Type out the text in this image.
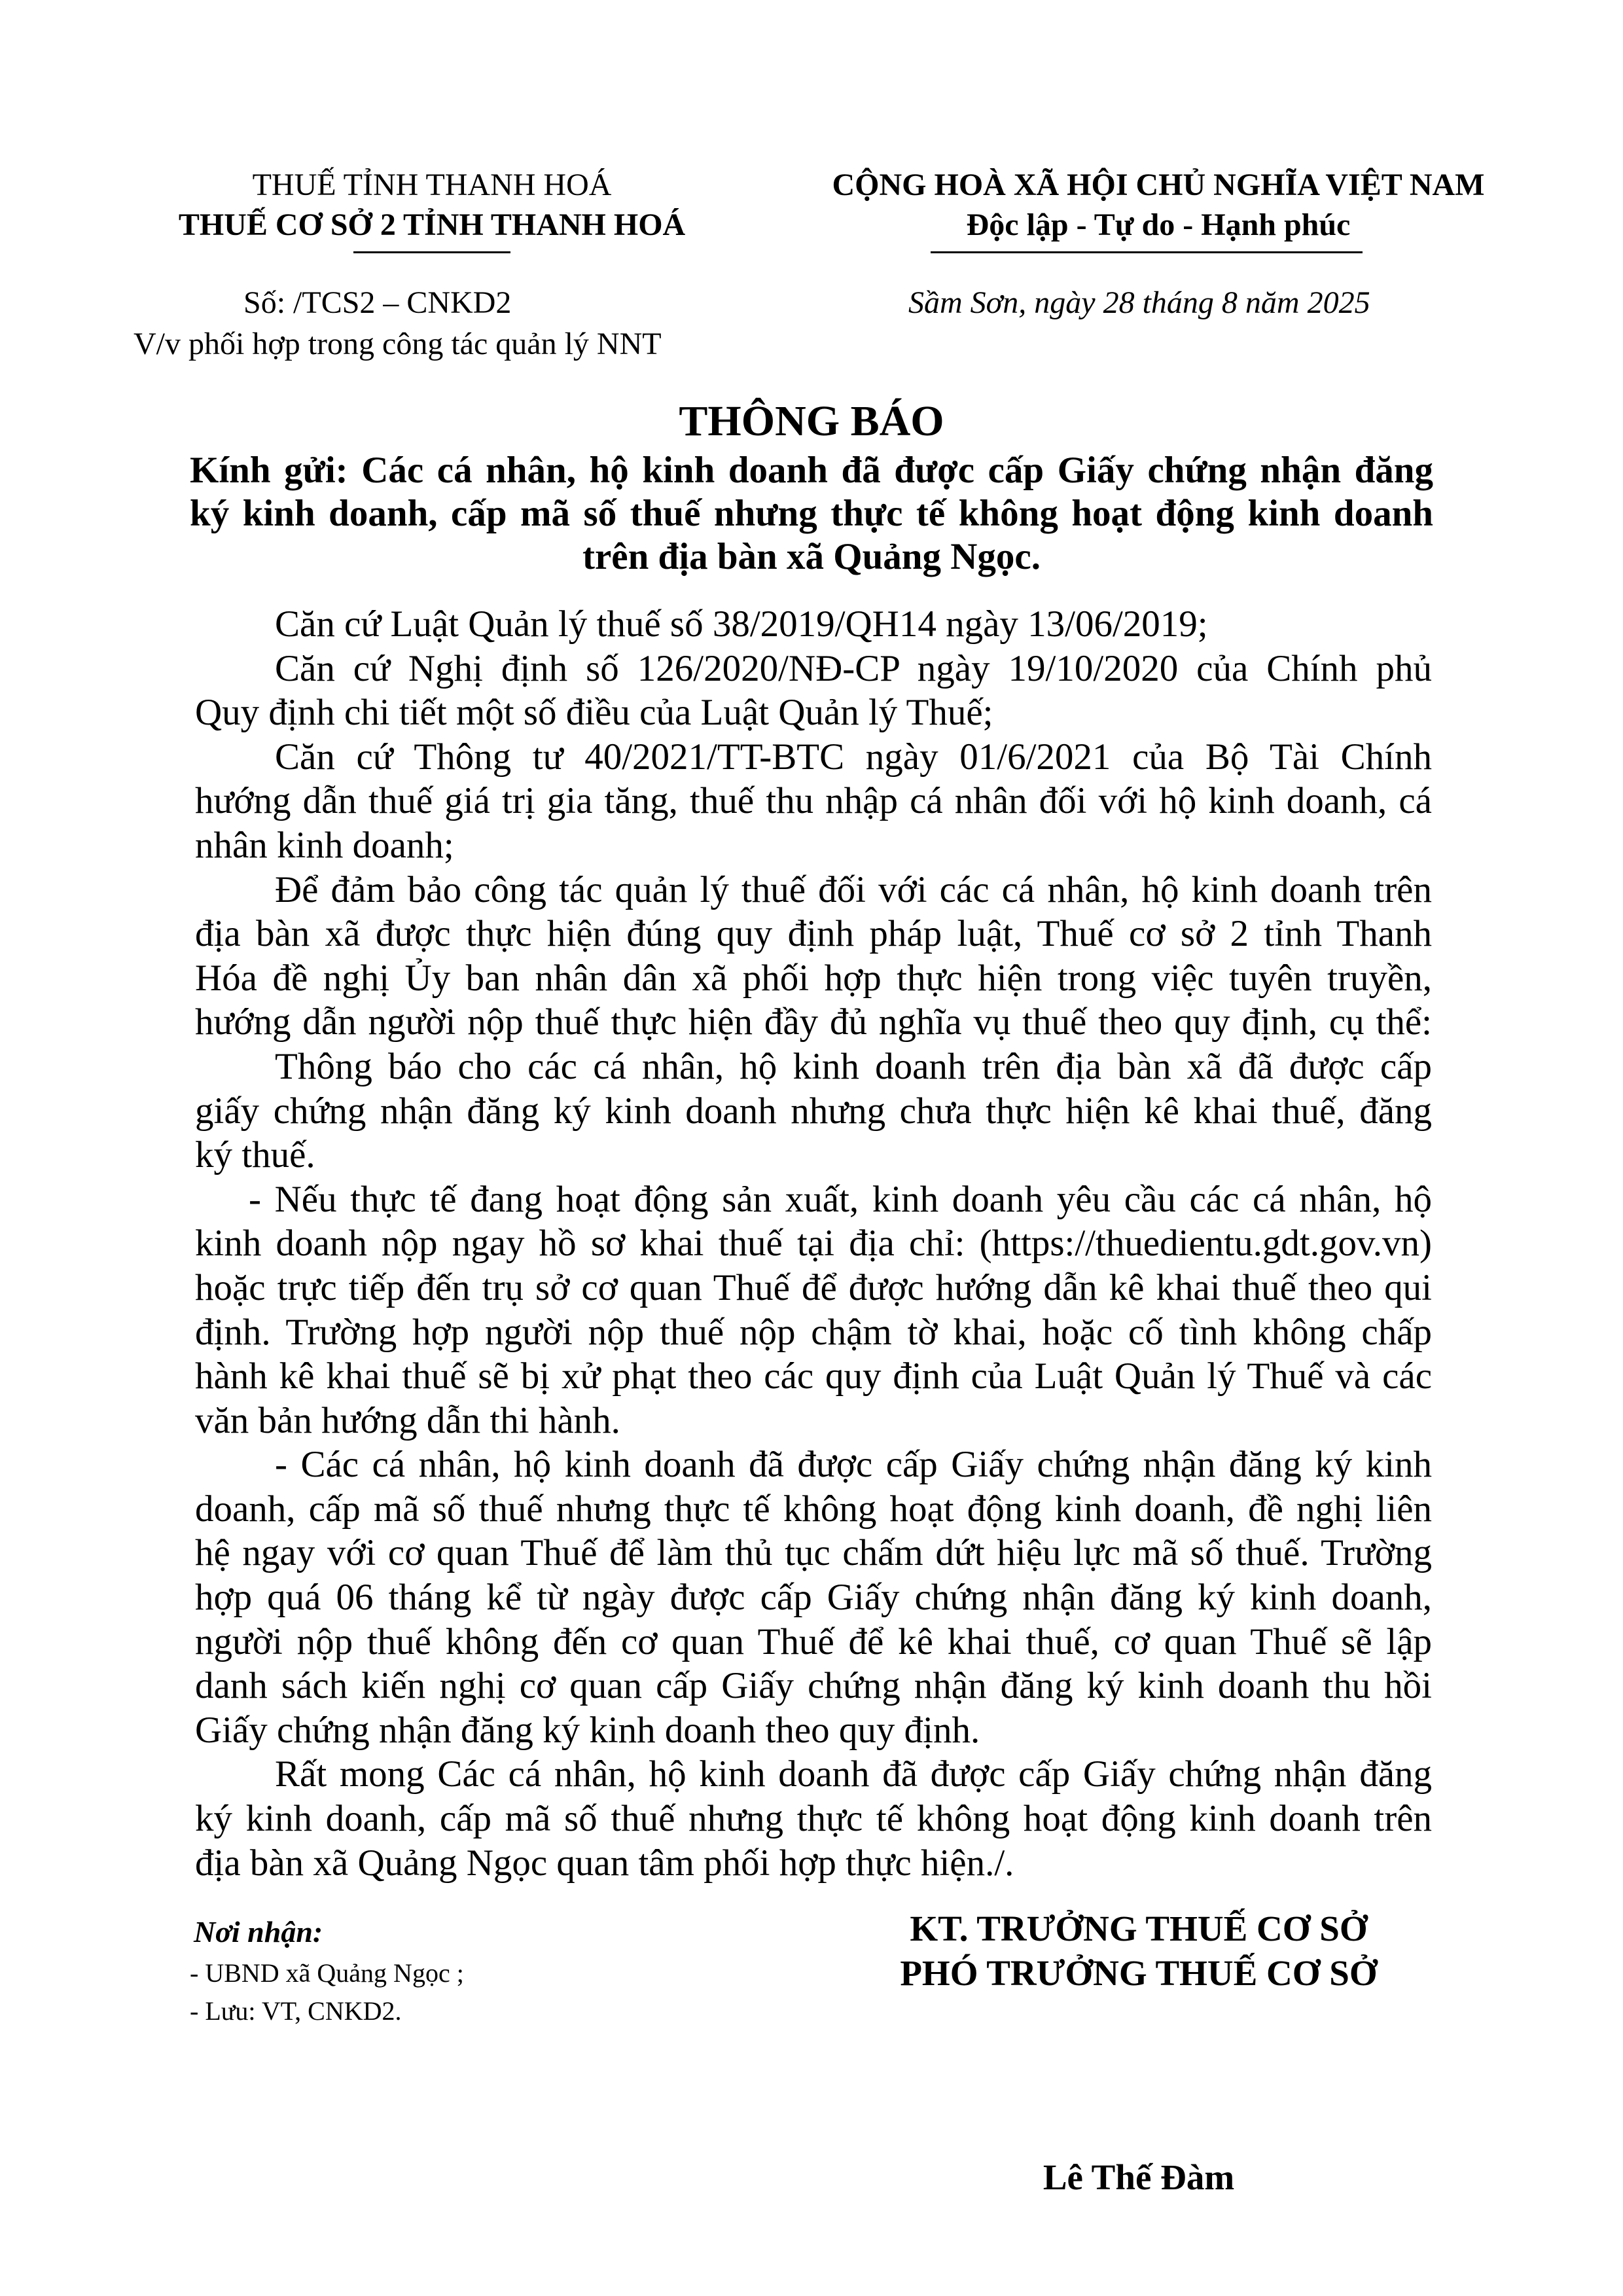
THUẾ TỈNH THANH HOÁ
THUẾ CƠ SỞ 2 TỈNH THANH HOÁ
Số: /TCS2 – CNKD2
V/v phối hợp trong công tác quản lý NNT
CỘNG HOÀ XÃ HỘI CHỦ NGHĨA VIỆT NAM
Độc lập - Tự do - Hạnh phúc
Sầm Sơn, ngày 28 tháng 8 năm 2025
THÔNG BÁO
Kính gửi: Các cá nhân, hộ kinh doanh đã được cấp Giấy chứng nhận đăng
ký kinh doanh, cấp mã số thuế nhưng thực tế không hoạt động kinh doanh
trên địa bàn xã Quảng Ngọc.
Căn cứ Luật Quản lý thuế số 38/2019/QH14 ngày 13/06/2019;
Căn cứ Nghị định số 126/2020/NĐ-CP ngày 19/10/2020 của Chính phủ
Quy định chi tiết một số điều của Luật Quản lý Thuế;
Căn cứ Thông tư 40/2021/TT-BTC ngày 01/6/2021 của Bộ Tài Chính
hướng dẫn thuế giá trị gia tăng, thuế thu nhập cá nhân đối với hộ kinh doanh, cá
nhân kinh doanh;
Để đảm bảo công tác quản lý thuế đối với các cá nhân, hộ kinh doanh trên
địa bàn xã được thực hiện đúng quy định pháp luật, Thuế cơ sở 2 tỉnh Thanh
Hóa đề nghị Ủy ban nhân dân xã phối hợp thực hiện trong việc tuyên truyền,
hướng dẫn người nộp thuế thực hiện đầy đủ nghĩa vụ thuế theo quy định, cụ thể:
Thông báo cho các cá nhân, hộ kinh doanh trên địa bàn xã đã được cấp
giấy chứng nhận đăng ký kinh doanh nhưng chưa thực hiện kê khai thuế, đăng
ký thuế.
- Nếu thực tế đang hoạt động sản xuất, kinh doanh yêu cầu các cá nhân, hộ
kinh doanh nộp ngay hồ sơ khai thuế tại địa chỉ: (https://thuedientu.gdt.gov.vn)
hoặc trực tiếp đến trụ sở cơ quan Thuế để được hướng dẫn kê khai thuế theo qui
định. Trường hợp người nộp thuế nộp chậm tờ khai, hoặc cố tình không chấp
hành kê khai thuế sẽ bị xử phạt theo các quy định của Luật Quản lý Thuế và các
văn bản hướng dẫn thi hành.
- Các cá nhân, hộ kinh doanh đã được cấp Giấy chứng nhận đăng ký kinh
doanh, cấp mã số thuế nhưng thực tế không hoạt động kinh doanh, đề nghị liên
hệ ngay với cơ quan Thuế để làm thủ tục chấm dứt hiệu lực mã số thuế. Trường
hợp quá 06 tháng kể từ ngày được cấp Giấy chứng nhận đăng ký kinh doanh,
người nộp thuế không đến cơ quan Thuế để kê khai thuế, cơ quan Thuế sẽ lập
danh sách kiến nghị cơ quan cấp Giấy chứng nhận đăng ký kinh doanh thu hồi
Giấy chứng nhận đăng ký kinh doanh theo quy định.
Rất mong Các cá nhân, hộ kinh doanh đã được cấp Giấy chứng nhận đăng
ký kinh doanh, cấp mã số thuế nhưng thực tế không hoạt động kinh doanh trên
địa bàn xã Quảng Ngọc quan tâm phối hợp thực hiện./.
Nơi nhận:
- UBND xã Quảng Ngọc ;
- Lưu: VT, CNKD2.
KT. TRƯỞNG THUẾ CƠ SỞ
PHÓ TRƯỞNG THUẾ CƠ SỞ
Lê Thế Đàm
